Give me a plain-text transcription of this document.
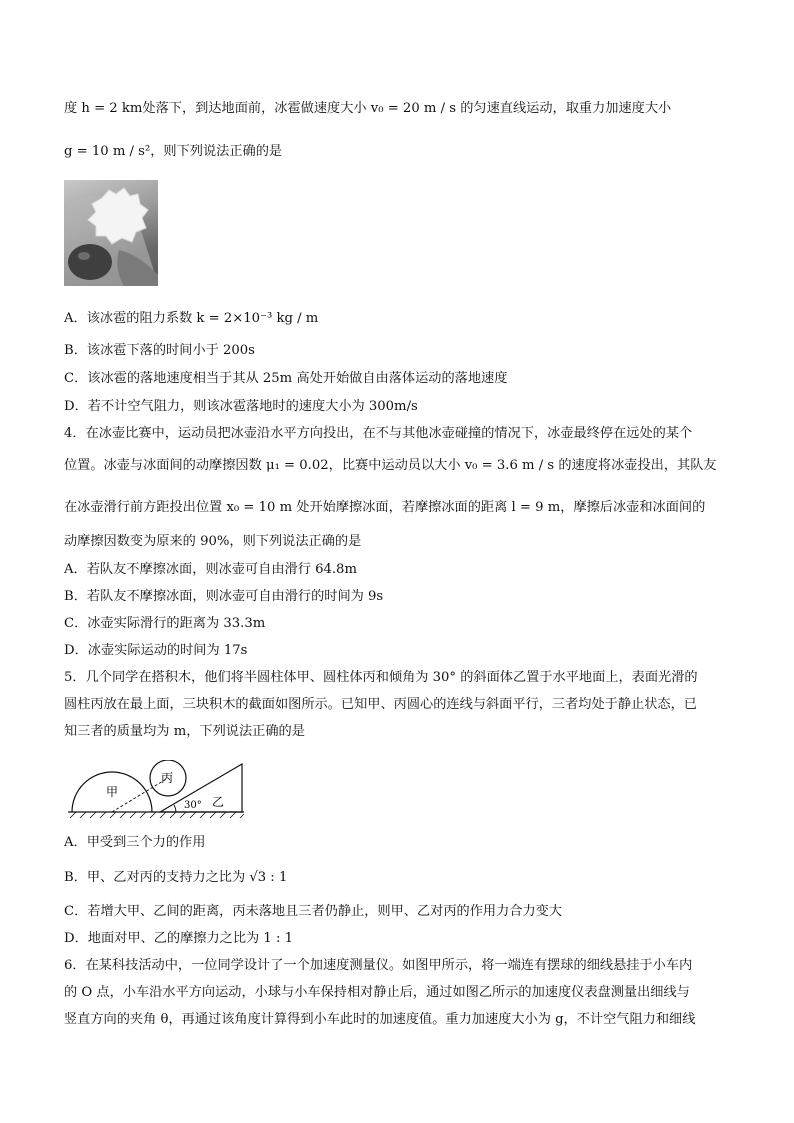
度 h = 2 km处落下，到达地面前，冰雹做速度大小 v₀ = 20 m / s 的匀速直线运动，取重力加速度大小
g = 10 m / s²，则下列说法正确的是
A．该冰雹的阻力系数 k = 2×10⁻³ kg / m
B．该冰雹下落的时间小于 200s
C．该冰雹的落地速度相当于其从 25m 高处开始做自由落体运动的落地速度
D．若不计空气阻力，则该冰雹落地时的速度大小为 300m/s
4．在冰壶比赛中，运动员把冰壶沿水平方向投出，在不与其他冰壶碰撞的情况下，冰壶最终停在远处的某个
位置。冰壶与冰面间的动摩擦因数 μ₁ = 0.02，比赛中运动员以大小 v₀ = 3.6 m / s 的速度将冰壶投出，其队友
在冰壶滑行前方距投出位置 x₀ = 10 m 处开始摩擦冰面，若摩擦冰面的距离 l = 9 m，摩擦后冰壶和冰面间的
动摩擦因数变为原来的 90%，则下列说法正确的是
A．若队友不摩擦冰面，则冰壶可自由滑行 64.8m
B．若队友不摩擦冰面，则冰壶可自由滑行的时间为 9s
C．冰壶实际滑行的距离为 33.3m
D．冰壶实际运动的时间为 17s
5．几个同学在搭积木，他们将半圆柱体甲、圆柱体丙和倾角为 30° 的斜面体乙置于水平地面上，表面光滑的
圆柱丙放在最上面，三块积木的截面如图所示。已知甲、丙圆心的连线与斜面平行，三者均处于静止状态，已
知三者的质量均为 m，下列说法正确的是
甲
丙
乙
30°
A．甲受到三个力的作用
B．甲、乙对丙的支持力之比为 √3 : 1
C．若增大甲、乙间的距离，丙未落地且三者仍静止，则甲、乙对丙的作用力合力变大
D．地面对甲、乙的摩擦力之比为 1 : 1
6．在某科技活动中，一位同学设计了一个加速度测量仪。如图甲所示，将一端连有摆球的细线悬挂于小车内
的 O 点，小车沿水平方向运动，小球与小车保持相对静止后，通过如图乙所示的加速度仪表盘测量出细线与
竖直方向的夹角 θ，再通过该角度计算得到小车此时的加速度值。重力加速度大小为 g，不计空气阻力和细线
